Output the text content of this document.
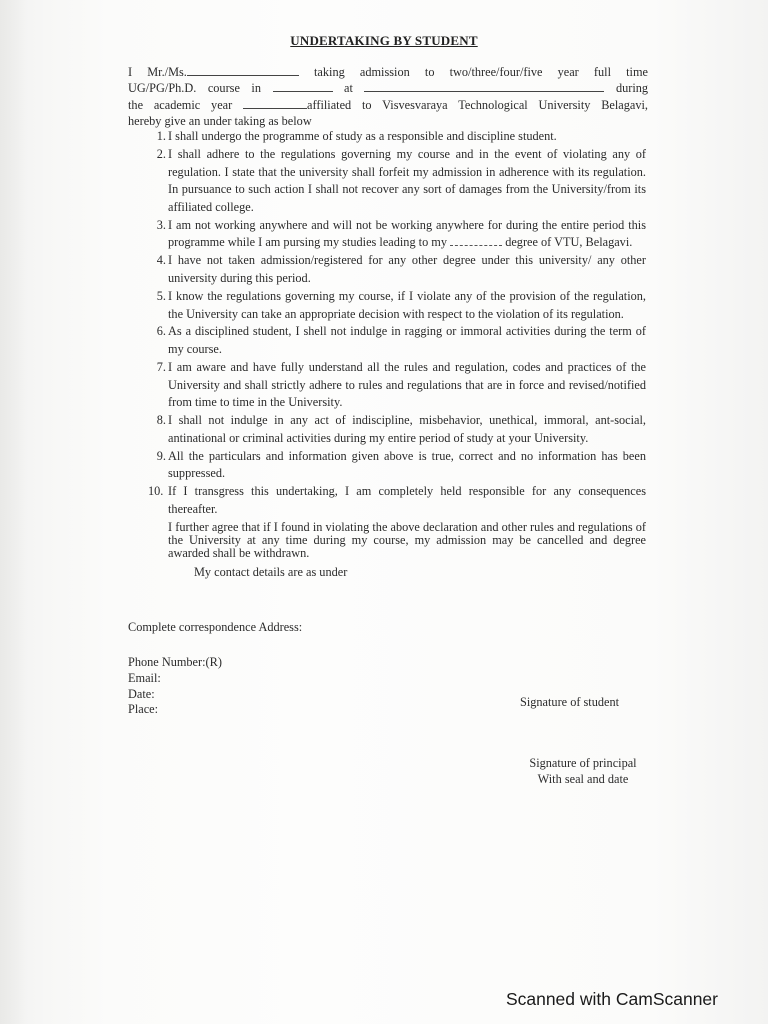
UNDERTAKING BY STUDENT
I Mr./Ms.	taking admission to two/three/four/five year full time
UG/PG/Ph.D. course in	at	during
the academic year	affiliated to Visvesvaraya Technological University Belagavi,
hereby give an under taking as below
1. I shall undergo the programme of study as a responsible and discipline student.
2. I shall adhere to the regulations governing my course and in the event of violating any of regulation. I state that the university shall forfeit my admission in adherence with its regulation. In pursuance to such action I shall not recover any sort of damages from the University/from its affiliated college.
3. I am not working anywhere and will not be working anywhere for during the entire period this programme while I am pursing my studies leading to my	degree of VTU, Belagavi.
4. I have not taken admission/registered for any other degree under this university/ any other university during this period.
5. I know the regulations governing my course, if I violate any of the provision of the regulation, the University can take an appropriate decision with respect to the violation of its regulation.
6. As a disciplined student, I shell not indulge in ragging or immoral activities during the term of my course.
7. I am aware and have fully understand all the rules and regulation, codes and practices of the University and shall strictly adhere to rules and regulations that are in force and revised/notified from time to time in the University.
8. I shall not indulge in any act of indiscipline, misbehavior, unethical, immoral, ant-social, antinational or criminal activities during my entire period of study at your University.
9. All the particulars and information given above is true, correct and no information has been suppressed.
10. If I transgress this undertaking, I am completely held responsible for any consequences thereafter.
I further agree that if I found in violating the above declaration and other rules and regulations of the University at any time during my course, my admission may be cancelled and degree awarded shall be withdrawn.
My contact details are as under
Complete correspondence Address:
Phone Number:(R)
Email:
Date:
Place:
Signature of student
Signature of principal
With seal and date
Scanned with CamScanner
